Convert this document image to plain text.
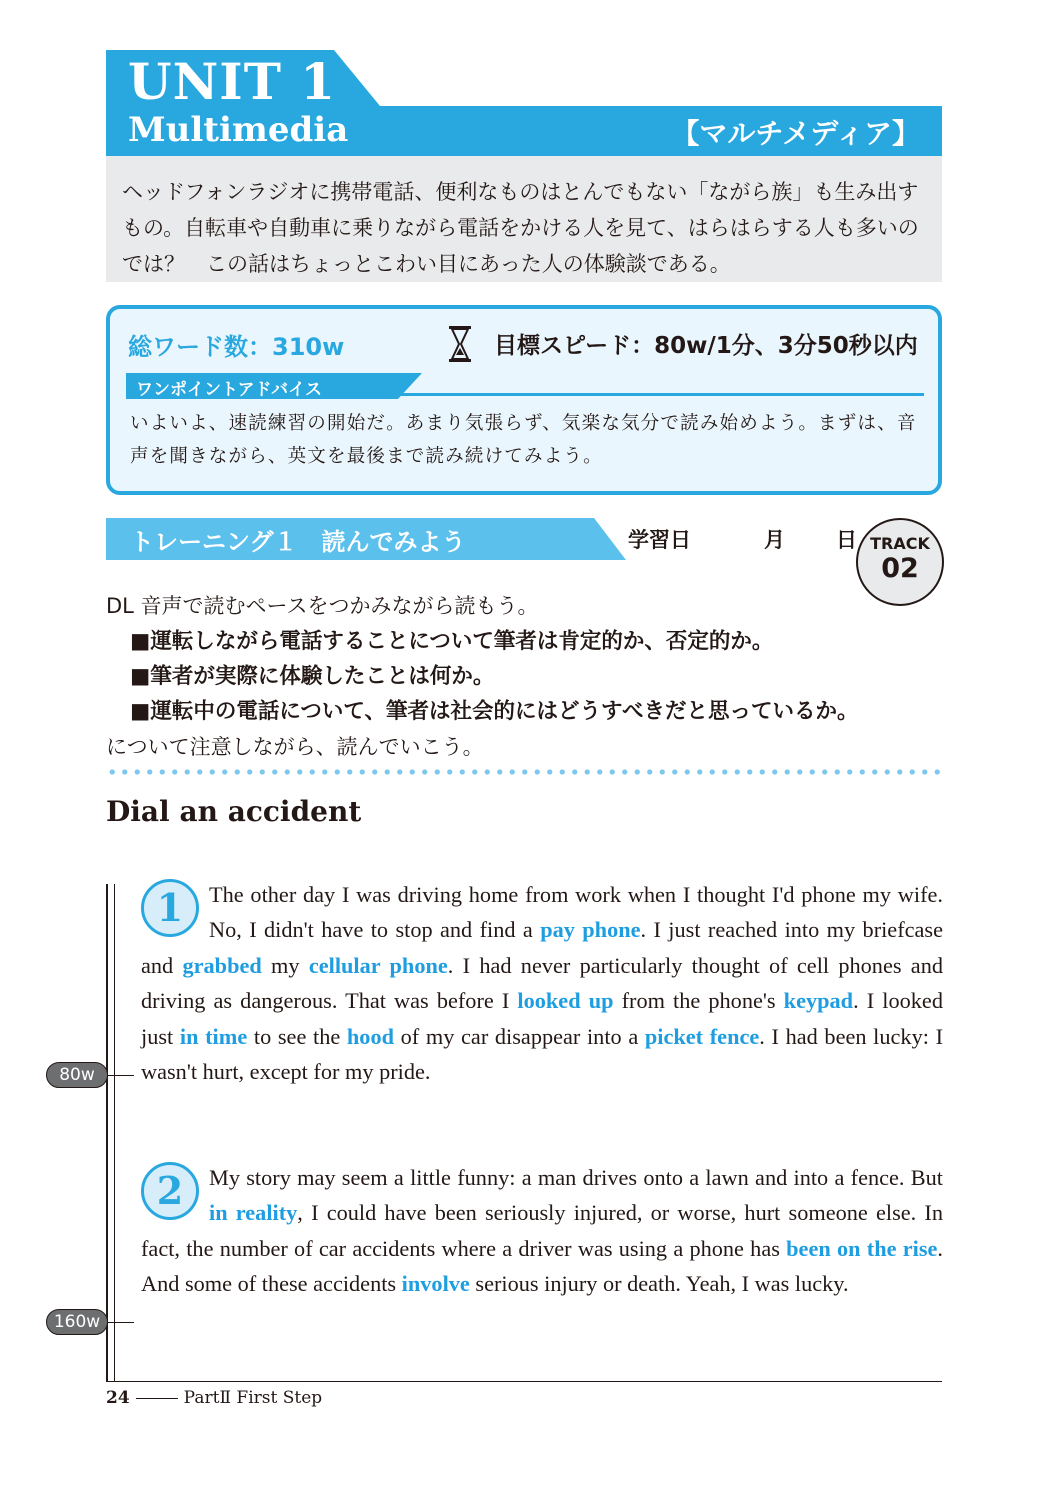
UNIT 1
Multimedia	【マルチメディア】
ヘッドフォンラジオに携帯電話、便利なものはとんでもない「ながら族」も生み出すもの。自転車や自動車に乗りながら電話をかける人を見て、はらはらする人も多いのでは？　この話はちょっとこわい目にあった人の体験談である。
総ワード数：310w	目標スピード：80w/1分、3分50秒以内
ワンポイントアドバイス
いよいよ、速読練習の開始だ。あまり気張らず、気楽な気分で読み始めよう。まずは、音声を聞きながら、英文を最後まで読み続けてみよう。
トレーニング１　読んでみよう	学習日	月 日 TRACK
02
DL 音声で読むペースをつかみながら読もう。
■運転しながら電話することについて筆者は肯定的か、否定的か。
■筆者が実際に体験したことは何か。
■運転中の電話について、筆者は社会的にはどうすべきだと思っているか。
について注意しながら、読んでいこう。
Dial an accident
1	The other day I was driving home from work when I thought I'd phone my wife. No, I didn't have to stop and find a pay phone. I just reached into my briefcase and grabbed my cellular phone. I had never particularly thought of cell phones and driving as dangerous. That was before I looked up from the phone's keypad. I looked just in time to see the hood of my car disappear into a picket fence. I had been lucky: I wasn't hurt, except for my pride.
2	My story may seem a little funny: a man drives onto a lawn and into a fence. But in reality, I could have been seriously injured, or worse, hurt someone else. In fact, the number of car accidents where a driver was using a phone has been on the rise. And some of these accidents involve serious injury or death. Yeah, I was lucky.
80w
160w
24	PartⅡ First Step
